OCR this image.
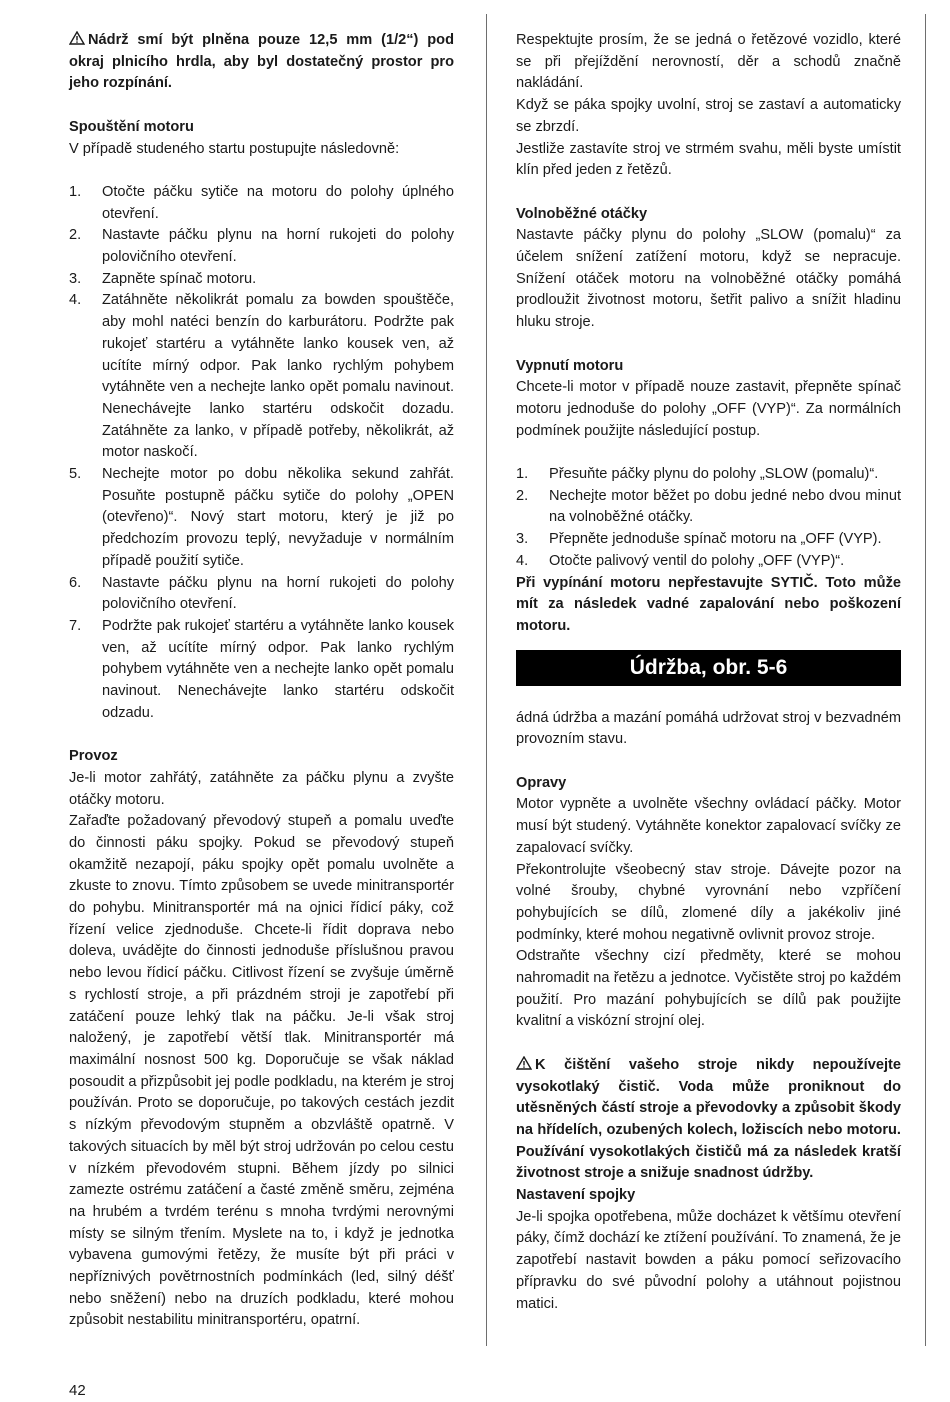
Nádrž smí být plněna pouze 12,5 mm (1/2“) pod okraj plnicího hrdla, aby byl dostatečný prostor pro jeho rozpínání.

Spouštění motoru

V případě studeného startu postupujte následovně:

1.	Otočte páčku sytiče na motoru do polohy úplného otevření.
2.	Nastavte páčku plynu na horní rukojeti do polohy polovičního otevření.
3.	Zapněte spínač motoru.
4.	Zatáhněte několikrát pomalu za bowden spouštěče, aby mohl natéci benzín do karburátoru. Podržte pak rukojeť startéru a vytáhněte lanko kousek ven, až ucítíte mírný odpor. Pak lanko rychlým pohybem vytáhněte ven a nechejte lanko opět pomalu navinout. Nenechávejte lanko startéru odskočit dozadu. Zatáhněte za lanko, v případě potřeby, několikrát, až motor naskočí.
5.	Nechejte motor po dobu několika sekund zahřát. Posuňte postupně páčku sytiče do polohy „OPEN (otevřeno)“. Nový start motoru, který je již po předchozím provozu teplý, nevyžaduje v normálním případě použití sytiče.
6.	Nastavte páčku plynu na horní rukojeti do polohy polovičního otevření.
7.	Podržte pak rukojeť startéru a vytáhněte lanko kousek ven, až ucítíte mírný odpor. Pak lanko rychlým pohybem vytáhněte ven a nechejte lanko opět pomalu navinout. Nenechávejte lanko startéru odskočit odzadu.

Provoz

Je-li motor zahřátý, zatáhněte za páčku plynu a zvyšte otáčky motoru.

Zařaďte požadovaný převodový stupeň a pomalu uveďte do činnosti páku spojky. Pokud se převodový stupeň okamžitě nezapojí, páku spojky opět pomalu uvolněte a zkuste to znovu. Tímto způsobem se uvede minitransportér do pohybu. Minitransportér má na ojnici řídicí páky, což řízení velice zjednoduše. Chcete-li řídit doprava nebo doleva, uvádějte do činnosti jednoduše příslušnou pravou nebo levou řídicí páčku. Citlivost řízení se zvyšuje úměrně s rychlostí stroje, a při prázdném stroji je zapotřebí při zatáčení pouze lehký tlak na páčku. Je-li však stroj naložený, je zapotřebí větší tlak. Minitransportér má maximální nosnost 500 kg. Doporučuje se však náklad posoudit a přizpůsobit jej podle podkladu, na kterém je stroj používán. Proto se doporučuje, po takových cestách jezdit s nízkým převodovým stupněm a obzvláště opatrně. V takových situacích by měl být stroj udržován po celou cestu v nízkém převodovém stupni. Během jízdy po silnici zamezte ostrému zatáčení a časté změně směru, zejména na hrubém a tvrdém terénu s mnoha tvrdými nerovnými místy se silným třením. Myslete na to, i když je jednotka vybavena gumovými řetězy, že musíte být při práci v nepříznivých povětrnostních podmínkách (led, silný déšť nebo sněžení) nebo na druzích podkladu, které mohou způsobit nestabilitu minitransportéru, opatrní.

Respektujte prosím, že se jedná o řetězové vozidlo, které se při přejíždění nerovností, děr a schodů značně nakládání.

Když se páka spojky uvolní, stroj se zastaví a automaticky se zbrzdí.

Jestliže zastavíte stroj ve strmém svahu, měli byste umístit klín před jeden z řetězů.

Volnoběžné otáčky

Nastavte páčky plynu do polohy „SLOW (pomalu)“ za účelem snížení zatížení motoru, když se nepracuje. Snížení otáček motoru na volnoběžné otáčky pomáhá prodloužit životnost motoru, šetřit palivo a snížit hladinu hluku stroje.

Vypnutí motoru

Chcete-li motor v případě nouze zastavit, přepněte spínač motoru jednoduše do polohy „OFF (VYP)“. Za normálních podmínek použijte následující postup.

1.	Přesuňte páčky plynu do polohy „SLOW (pomalu)“.
2.	Nechejte motor běžet po dobu jedné nebo dvou minut na volnoběžné otáčky.
3.	Přepněte jednoduše spínač motoru na „OFF (VYP).
4.	Otočte palivový ventil do polohy „OFF (VYP)“.

Při vypínání motoru nepřestavujte SYTIČ. Toto může mít za následek vadné zapalování nebo poškození motoru.

Údržba, obr. 5-6

ádná údržba a mazání pomáhá udržovat stroj v bezvadném provozním stavu.

Opravy

Motor vypněte a uvolněte všechny ovládací páčky. Motor musí být studený. Vytáhněte konektor zapalovací svíčky ze zapalovací svíčky.

Překontrolujte všeobecný stav stroje. Dávejte pozor na volné šrouby, chybné vyrovnání nebo vzpříčení pohybujících se dílů, zlomené díly a jakékoliv jiné podmínky, které mohou negativně ovlivnit provoz stroje.

Odstraňte všechny cizí předměty, které se mohou nahromadit na řetězu a jednotce. Vyčistěte stroj po každém použití. Pro mazání pohybujících se dílů pak použijte kvalitní a viskózní strojní olej.

K čištění vašeho stroje nikdy nepoužívejte vysokotlaký čistič. Voda může proniknout do utěsněných částí stroje a převodovky a způsobit škody na hřídelích, ozubených kolech, ložiscích nebo motoru. Používání vysokotlakých čističů má za následek kratší životnost stroje a snižuje snadnost údržby.

Nastavení spojky

Je-li spojka opotřebena, může docházet k většímu otevření páky, čímž dochází ke ztížení používání. To znamená, že je zapotřebí nastavit bowden a páku pomocí seřizovacího přípravku do své původní polohy a utáhnout pojistnou matici.

42
